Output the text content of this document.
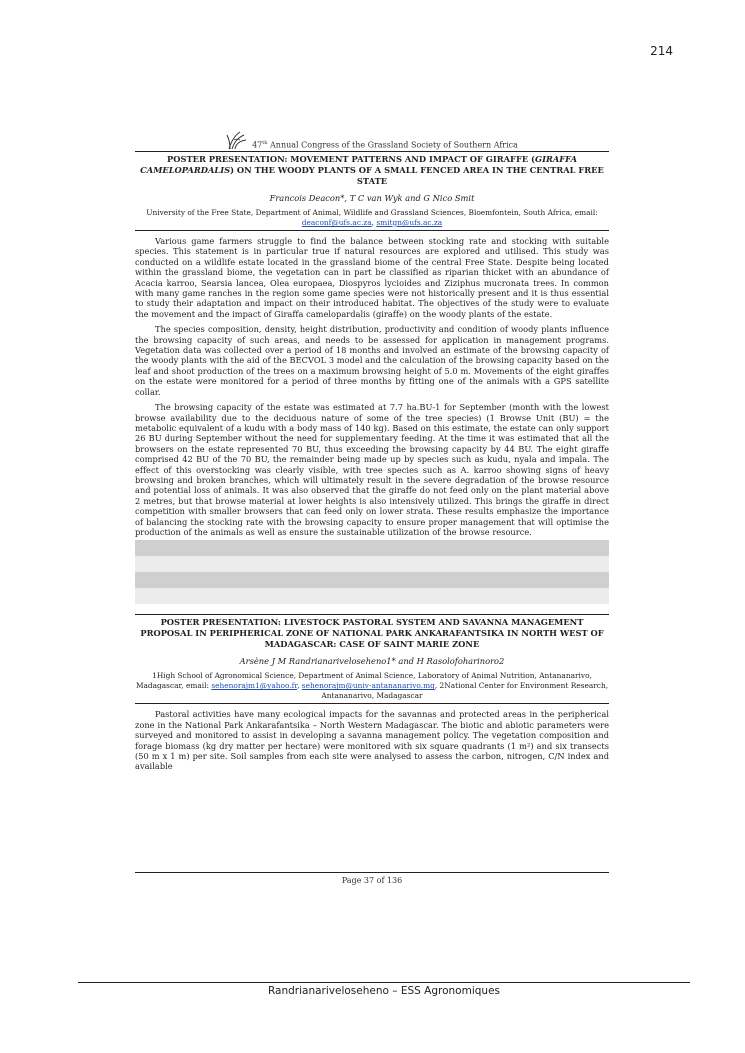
214
47th Annual Congress of the Grassland Society of Southern Africa
POSTER PRESENTATION: MOVEMENT PATTERNS AND IMPACT OF GIRAFFE (GIRAFFA CAMELOPARDALIS) ON THE WOODY PLANTS OF A SMALL FENCED AREA IN THE CENTRAL FREE STATE
Francois Deacon*, T C van Wyk and G Nico Smit
University of the Free State, Department of Animal, Wildlife and Grassland Sciences, Bloemfontein, South Africa, email: deaconf@ufs.ac.za, smitgn@ufs.ac.za

Various game farmers struggle to find the balance between stocking rate and stocking with suitable species. This statement is in particular true if natural resources are explored and utilised. This study was conducted on a wildlife estate located in the grassland biome of the central Free State. Despite being located within the grassland biome, the vegetation can in part be classified as riparian thicket with an abundance of Acacia karroo, Searsia lancea, Olea europaea, Diospyros lycioides and Ziziphus mucronata trees. In common with many game ranches in the region some game species were not historically present and it is thus essential to study their adaptation and impact on their introduced habitat. The objectives of the study were to evaluate the movement and the impact of Giraffa camelopardalis (giraffe) on the woody plants of the estate.

The species composition, density, height distribution, productivity and condition of woody plants influence the browsing capacity of such areas, and needs to be assessed for application in management programs. Vegetation data was collected over a period of 18 months and involved an estimate of the browsing capacity of the woody plants with the aid of the BECVOL 3 model and the calculation of the browsing capacity based on the leaf and shoot production of the trees on a maximum browsing height of 5.0 m. Movements of the eight giraffes on the estate were monitored for a period of three months by fitting one of the animals with a GPS satellite collar.

The browsing capacity of the estate was estimated at 7.7 ha.BU-1 for September (month with the lowest browse availability due to the deciduous nature of some of the tree species) (1 Browse Unit (BU) = the metabolic equivalent of a kudu with a body mass of 140 kg). Based on this estimate, the estate can only support 26 BU during September without the need for supplementary feeding. At the time it was estimated that all the browsers on the estate represented 70 BU, thus exceeding the browsing capacity by 44 BU. The eight giraffe comprised 42 BU of the 70 BU, the remainder being made up by species such as kudu, nyala and impala. The effect of this overstocking was clearly visible, with tree species such as A. karroo showing signs of heavy browsing and broken branches, which will ultimately result in the severe degradation of the browse resource and potential loss of animals. It was also observed that the giraffe do not feed only on the plant material above 2 metres, but that browse material at lower heights is also intensively utilized. This brings the giraffe in direct competition with smaller browsers that can feed only on lower strata. These results emphasize the importance of balancing the stocking rate with the browsing capacity to ensure proper management that will optimise the production of the animals as well as ensure the sustainable utilization of the browse resource.

POSTER PRESENTATION: LIVESTOCK PASTORAL SYSTEM AND SAVANNA MANAGEMENT PROPOSAL IN PERIPHERICAL ZONE OF NATIONAL PARK ANKARAFANTSIKA IN NORTH WEST OF MADAGASCAR: CASE OF SAINT MARIE ZONE
Arsène J M Randrianarivelosehenο1* and H Rasolofoharinoro2
1High School of Agronomical Science, Department of Animal Science, Laboratory of Animal Nutrition, Antananarivo, Madagascar, email: sehenorajm1@yahoo.fr, sehenorajm@univ-antananarivo.mg, 2National Center for Environment Research, Antananarivo, Madagascar

Pastoral activities have many ecological impacts for the savannas and protected areas in the peripherical zone in the National Park Ankarafantsika – North Western Madagascar. The biotic and abiotic parameters were surveyed and monitored to assist in developing a savanna management policy. The vegetation composition and forage biomass (kg dry matter per hectare) were monitored with six square quadrants (1 m²) and six transects (50 m x 1 m) per site. Soil samples from each site were analysed to assess the carbon, nitrogen, C/N index and available

Page 37 of 136
Randrianarivelosehenο – ESS Agronomiques
